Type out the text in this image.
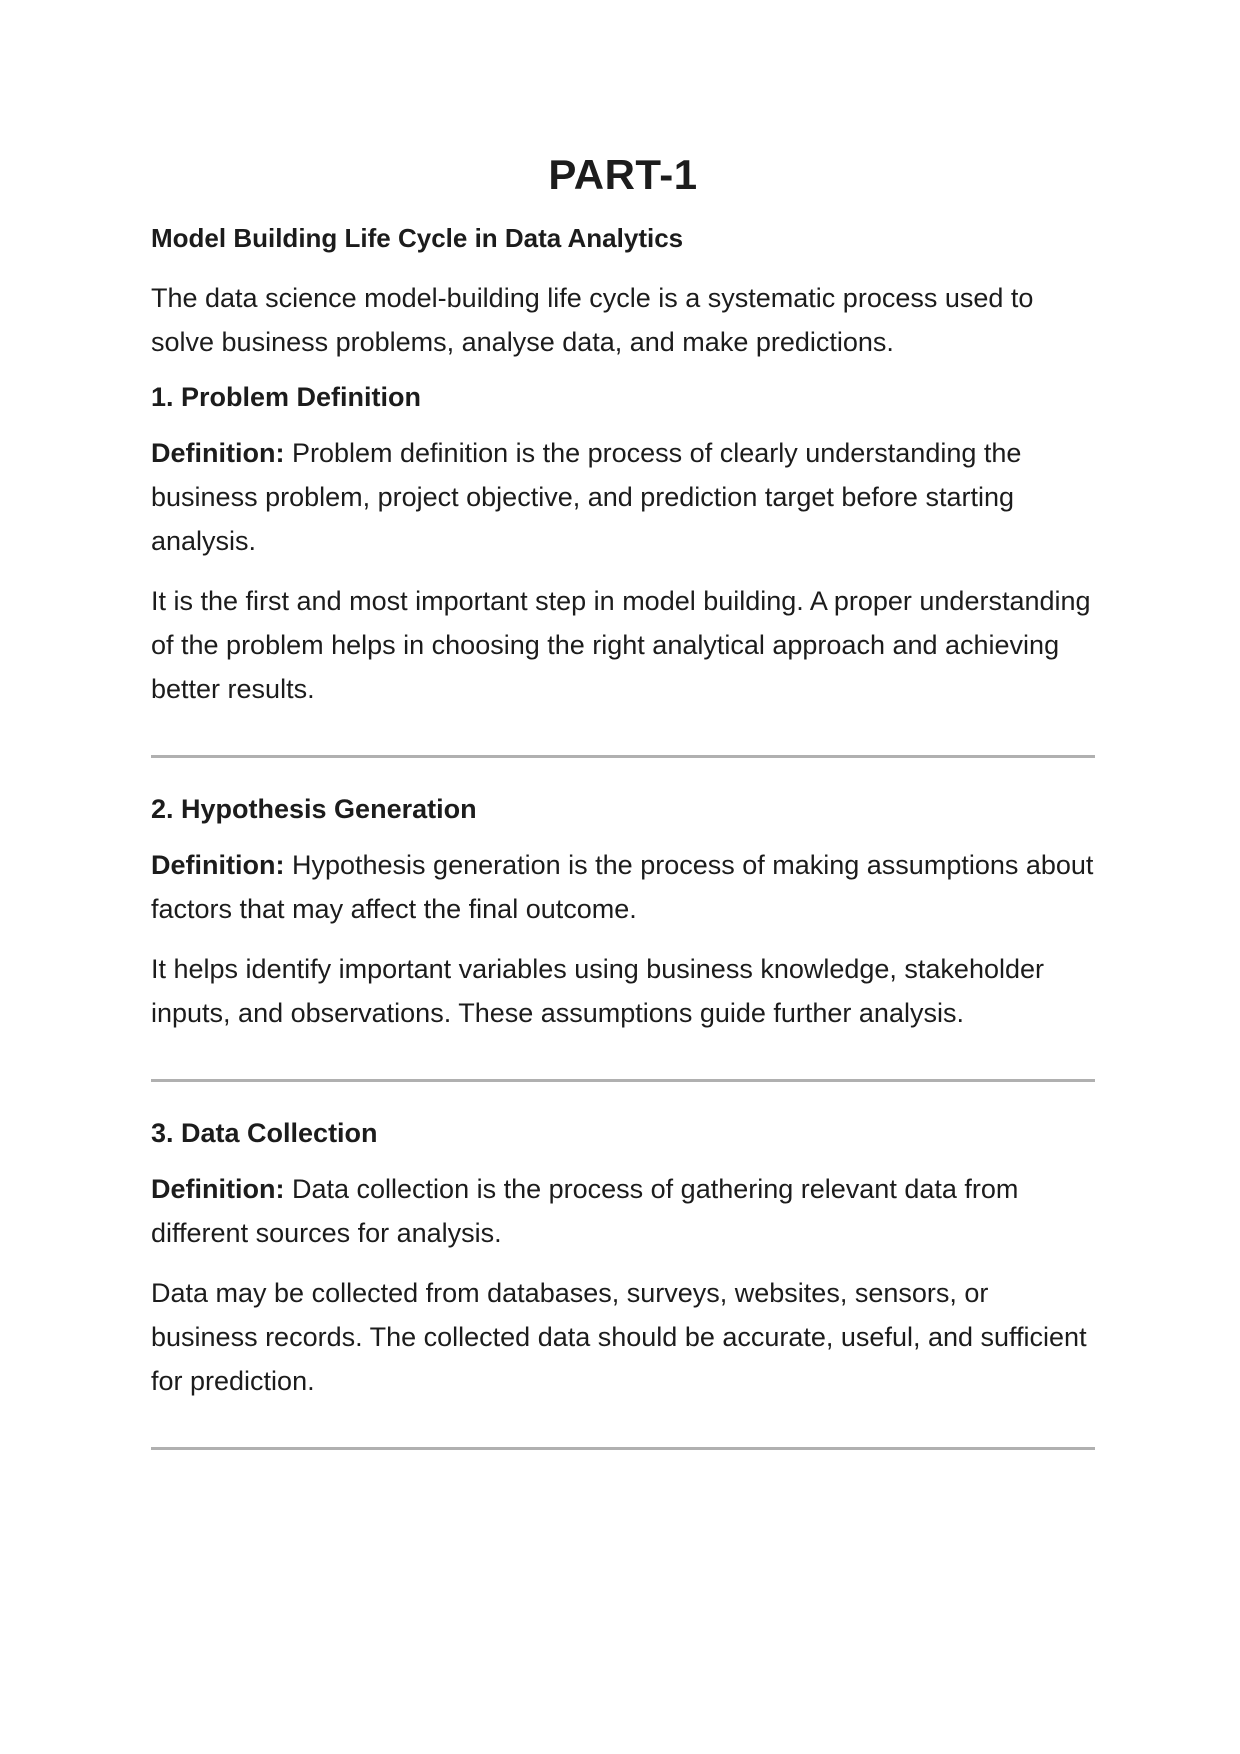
PART-1
Model Building Life Cycle in Data Analytics

The data science model-building life cycle is a systematic process used to solve business problems, analyse data, and make predictions.

1. Problem Definition

Definition: Problem definition is the process of clearly understanding the business problem, project objective, and prediction target before starting analysis.

It is the first and most important step in model building. A proper understanding of the problem helps in choosing the right analytical approach and achieving better results.

2. Hypothesis Generation

Definition: Hypothesis generation is the process of making assumptions about factors that may affect the final outcome.

It helps identify important variables using business knowledge, stakeholder inputs, and observations. These assumptions guide further analysis.

3. Data Collection

Definition: Data collection is the process of gathering relevant data from different sources for analysis.

Data may be collected from databases, surveys, websites, sensors, or business records. The collected data should be accurate, useful, and sufficient for prediction.
